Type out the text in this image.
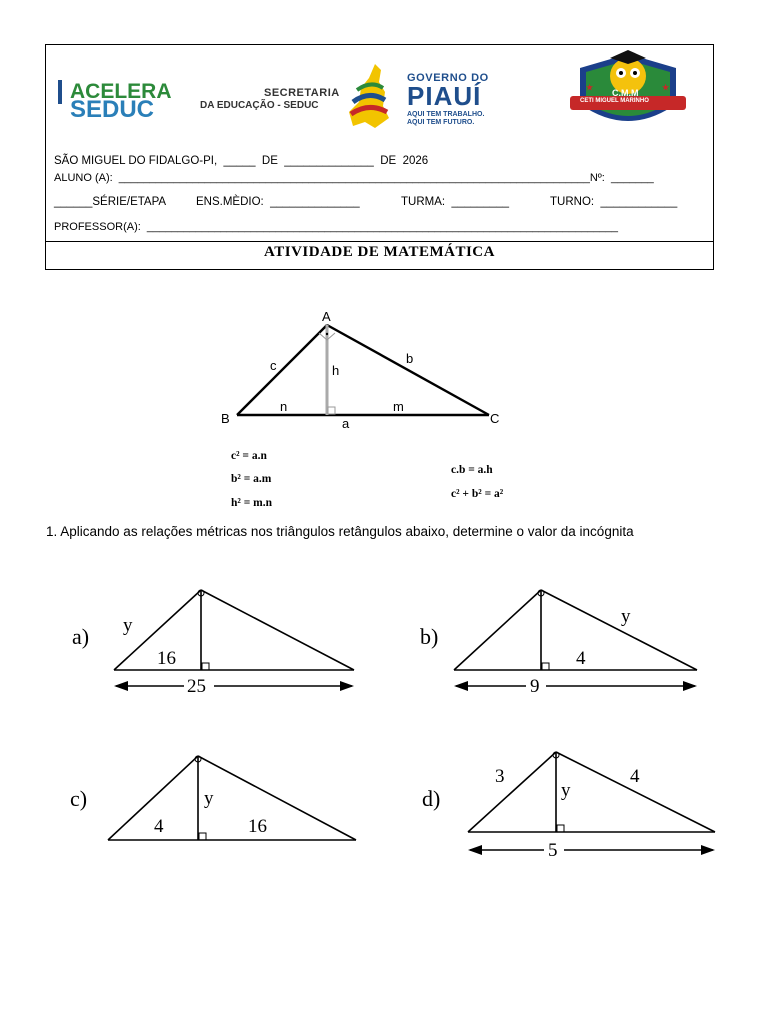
ACELERA
SEDUC
SECRETARIA
DA EDUCAÇÃO - SEDUC
GOVERNO DO
PIAUÍ
AQUI TEM TRABALHO.
AQUI TEM FUTURO.
★	★
C.M.M
CETI MIGUEL MARINHO
SÃO MIGUEL DO FIDALGO-PI,  _____  DE  ______________  DE  2026
ALUNO (A):  _____________________________________________________________________________Nº:  _______
______SÉRIE/ETAPA	ENS.MÈDIO:  ______________	TURMA:  _________	TURNO:  ____________
PROFESSOR(A):  _____________________________________________________________________________
ATIVIDADE DE MATEMÁTICA
A
B	C
c	b
h
n	m
a
c² = a.n
b² = a.m
h² = m.n
c.b = a.h
c² + b² = a²
1. Aplicando as relações métricas nos triângulos retângulos abaixo, determine o valor da incógnita
a) y
16
25
b)
y
4
9
c)	y
4	16
d)
3	4
y
5
